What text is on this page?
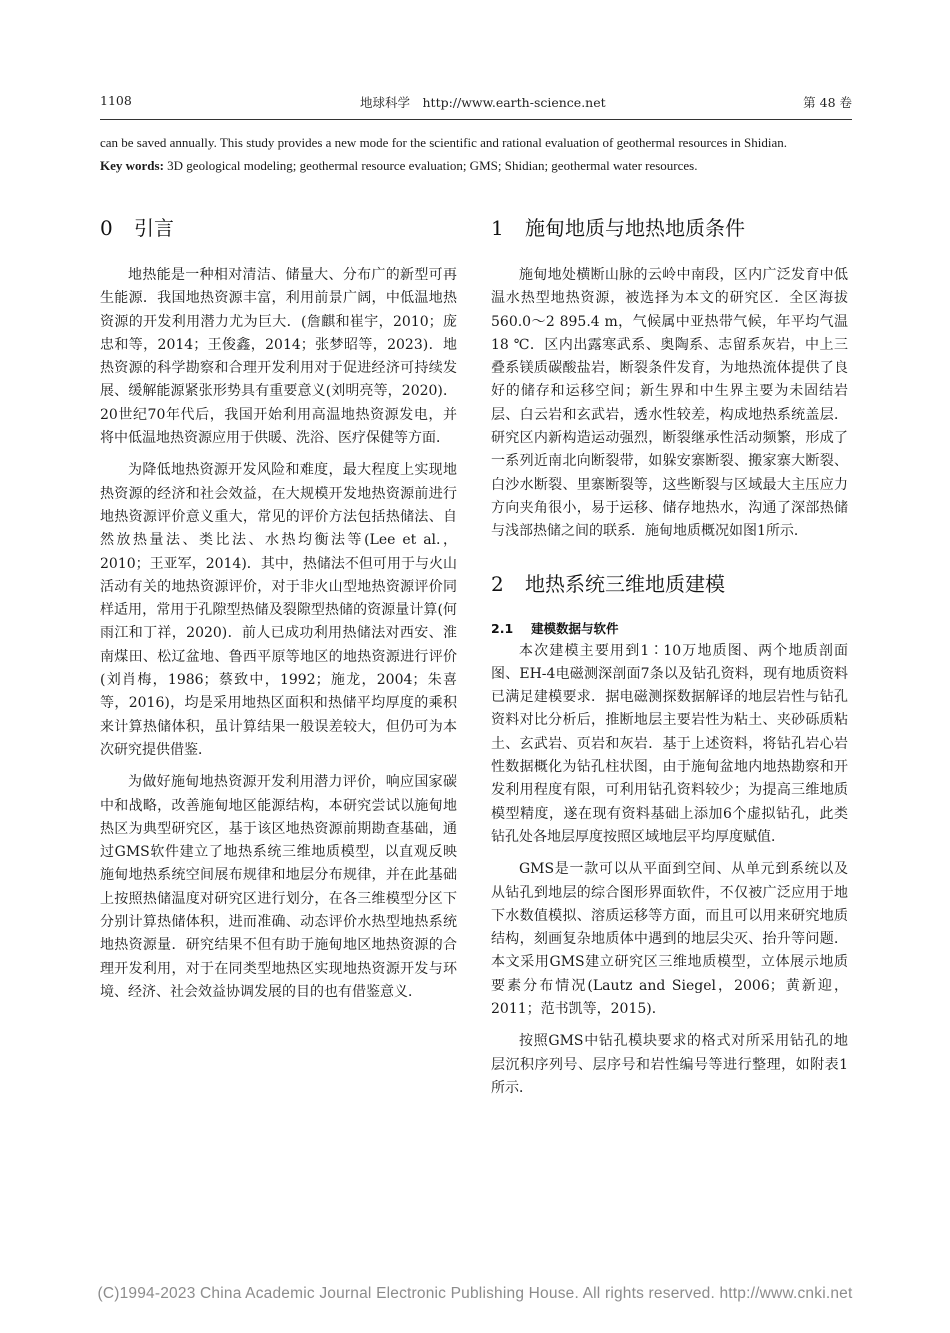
1108	地球科学　http://www.earth-science.net	第 48 卷
can be saved annually. This study provides a new mode for the scientific and rational evaluation of geothermal resources in Shidian.
Key words: 3D geological modeling; geothermal resource evaluation; GMS; Shidian; geothermal water resources.
0 引言

地热能是一种相对清洁、储量大、分布广的新型可再生能源．我国地热资源丰富，利用前景广阔，中低温地热资源的开发利用潜力尤为巨大．(詹麒和崔宇，2010；庞忠和等，2014；王俊鑫，2014；张梦昭等，2023)．地热资源的科学勘察和合理开发利用对于促进经济可持续发展、缓解能源紧张形势具有重要意义(刘明亮等，2020)．20世纪70年代后，我国开始利用高温地热资源发电，并将中低温地热资源应用于供暖、洗浴、医疗保健等方面．

为降低地热资源开发风险和难度，最大程度上实现地热资源的经济和社会效益，在大规模开发地热资源前进行地热资源评价意义重大，常见的评价方法包括热储法、自然放热量法、类比法、水热均衡法等(Lee et al.，2010；王亚军，2014)．其中，热储法不但可用于与火山活动有关的地热资源评价，对于非火山型地热资源评价同样适用，常用于孔隙型热储及裂隙型热储的资源量计算(何雨江和丁祥，2020)．前人已成功利用热储法对西安、淮南煤田、松辽盆地、鲁西平原等地区的地热资源进行评价(刘肖梅，1986；蔡致中，1992；施龙，2004；朱喜等，2016)，均是采用地热区面积和热储平均厚度的乘积来计算热储体积，虽计算结果一般误差较大，但仍可为本次研究提供借鉴．

为做好施甸地热资源开发利用潜力评价，响应国家碳中和战略，改善施甸地区能源结构，本研究尝试以施甸地热区为典型研究区，基于该区地热资源前期勘查基础，通过GMS软件建立了地热系统三维地质模型，以直观反映施甸地热系统空间展布规律和地层分布规律，并在此基础上按照热储温度对研究区进行划分，在各三维模型分区下分别计算热储体积，进而准确、动态评价水热型地热系统地热资源量．研究结果不但有助于施甸地区地热资源的合理开发利用，对于在同类型地热区实现地热资源开发与环境、经济、社会效益协调发展的目的也有借鉴意义．

1 施甸地质与地热地质条件

施甸地处横断山脉的云岭中南段，区内广泛发育中低温水热型地热资源，被选择为本文的研究区．全区海拔560.0～2 895.4 m，气候属中亚热带气候，年平均气温18 ℃．区内出露寒武系、奥陶系、志留系灰岩，中上三叠系镁质碳酸盐岩，断裂条件发育，为地热流体提供了良好的储存和运移空间；新生界和中生界主要为未固结岩层、白云岩和玄武岩，透水性较差，构成地热系统盖层．研究区内新构造运动强烈，断裂继承性活动频繁，形成了一系列近南北向断裂带，如躲安寨断裂、搬家寨大断裂、白沙水断裂、里寨断裂等，这些断裂与区域最大主压应力方向夹角很小，易于运移、储存地热水，沟通了深部热储与浅部热储之间的联系．施甸地质概况如图1所示．

2 地热系统三维地质建模
2.1 建模数据与软件

本次建模主要用到1∶10万地质图、两个地质剖面图、EH-4电磁测深剖面7条以及钻孔资料，现有地质资料已满足建模要求．据电磁测探数据解译的地层岩性与钻孔资料对比分析后，推断地层主要岩性为粘土、夹砂砾质粘土、玄武岩、页岩和灰岩．基于上述资料，将钻孔岩心岩性数据概化为钻孔柱状图，由于施甸盆地内地热勘察和开发利用程度有限，可利用钻孔资料较少；为提高三维地质模型精度，遂在现有资料基础上添加6个虚拟钻孔，此类钻孔处各地层厚度按照区域地层平均厚度赋值．

GMS是一款可以从平面到空间、从单元到系统以及从钻孔到地层的综合图形界面软件，不仅被广泛应用于地下水数值模拟、溶质运移等方面，而且可以用来研究地质结构，刻画复杂地质体中遇到的地层尖灭、抬升等问题．本文采用GMS建立研究区三维地质模型，立体展示地质要素分布情况(Lautz and Siegel，2006；黄新迎，2011；范书凯等，2015)．

按照GMS中钻孔模块要求的格式对所采用钻孔的地层沉积序列号、层序号和岩性编号等进行整理，如附表1所示．

(C)1994-2023 China Academic Journal Electronic Publishing House. All rights reserved. http://www.cnki.net
